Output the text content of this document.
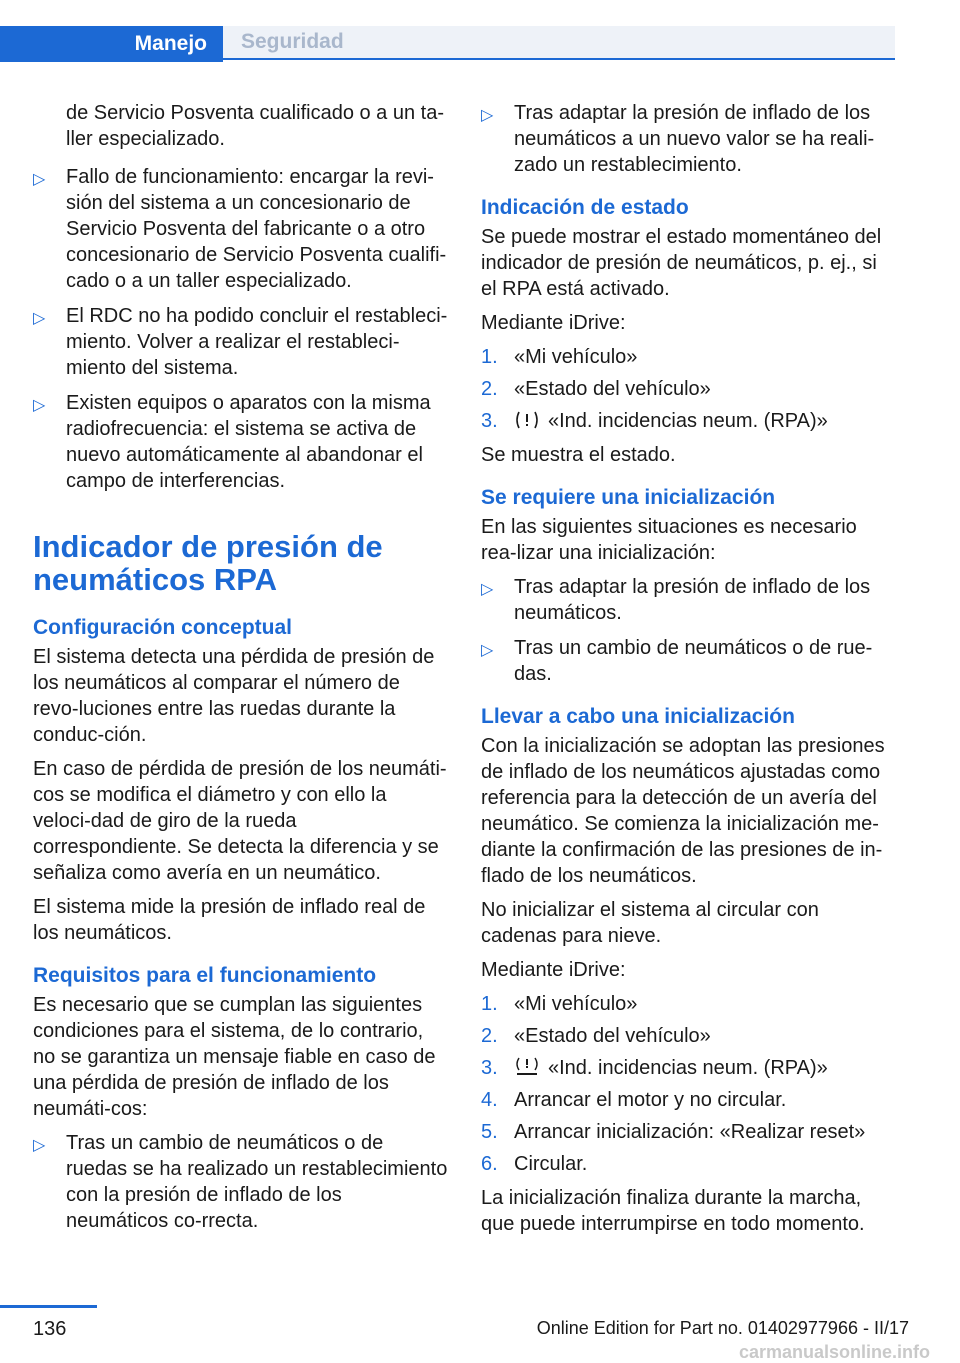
Manejo	Seguridad

de Servicio Posventa cualificado o a un ta-ller especializado.

▷ Fallo de funcionamiento: encargar la revi-sión del sistema a un concesionario de Servicio Posventa del fabricante o a otro concesionario de Servicio Posventa cualifi-cado o a un taller especializado.
▷ El RDC no ha podido concluir el restableci-miento. Volver a realizar el restableci-miento del sistema.
▷ Existen equipos o aparatos con la misma radiofrecuencia: el sistema se activa de nuevo automáticamente al abandonar el campo de interferencias.
Indicador de presión de neumáticos RPA
Configuración conceptual

El sistema detecta una pérdida de presión de los neumáticos al comparar el número de revo-luciones entre las ruedas durante la conduc-ción.

En caso de pérdida de presión de los neumáti-cos se modifica el diámetro y con ello la veloci-dad de giro de la rueda correspondiente. Se detecta la diferencia y se señaliza como avería en un neumático.

El sistema mide la presión de inflado real de los neumáticos.

Requisitos para el funcionamiento

Es necesario que se cumplan las siguientes condiciones para el sistema, de lo contrario, no se garantiza un mensaje fiable en caso de una pérdida de presión de inflado de los neumáti-cos:

▷ Tras un cambio de neumáticos o de ruedas se ha realizado un restablecimiento con la presión de inflado de los neumáticos co-rrecta.
▷ Tras adaptar la presión de inflado de los neumáticos a un nuevo valor se ha reali-zado un restablecimiento.
Indicación de estado

Se puede mostrar el estado momentáneo del indicador de presión de neumáticos, p. ej., si el RPA está activado.

Mediante iDrive:

1. «Mi vehículo»
2. «Estado del vehículo»
3.	«Ind. incidencias neum. (RPA)»

Se muestra el estado.

Se requiere una inicialización

En las siguientes situaciones es necesario rea-lizar una inicialización:

▷ Tras adaptar la presión de inflado de los neumáticos.
▷ Tras un cambio de neumáticos o de rue-das.
Llevar a cabo una inicialización

Con la inicialización se adoptan las presiones de inflado de los neumáticos ajustadas como referencia para la detección de un avería del neumático. Se comienza la inicialización me-diante la confirmación de las presiones de in-flado de los neumáticos.

No inicializar el sistema al circular con cadenas para nieve.

Mediante iDrive:

1. «Mi vehículo»
2. «Estado del vehículo»
3.	«Ind. incidencias neum. (RPA)»
4. Arrancar el motor y no circular.
5. Arrancar inicialización: «Realizar reset»
6. Circular.

La inicialización finaliza durante la marcha, que puede interrumpirse en todo momento.

136	Online Edition for Part no. 01402977966 - II/17
carmanualsonline.info
